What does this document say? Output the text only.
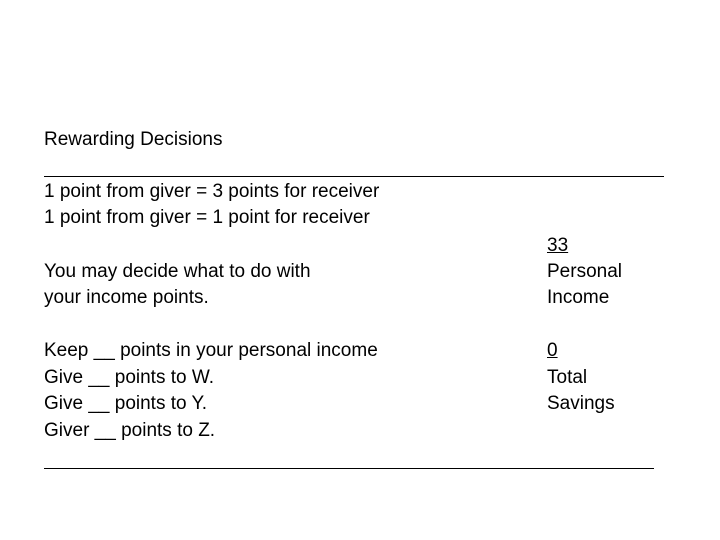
Rewarding Decisions
1 point from giver = 3 points for receiver
1 point from giver = 1 point for receiver
33
Personal
Income
You may decide what to do with
your income points.
Keep __ points in your personal income
Give __ points to W.
Give __ points to Y.
Giver __ points to Z.
0
Total
Savings
